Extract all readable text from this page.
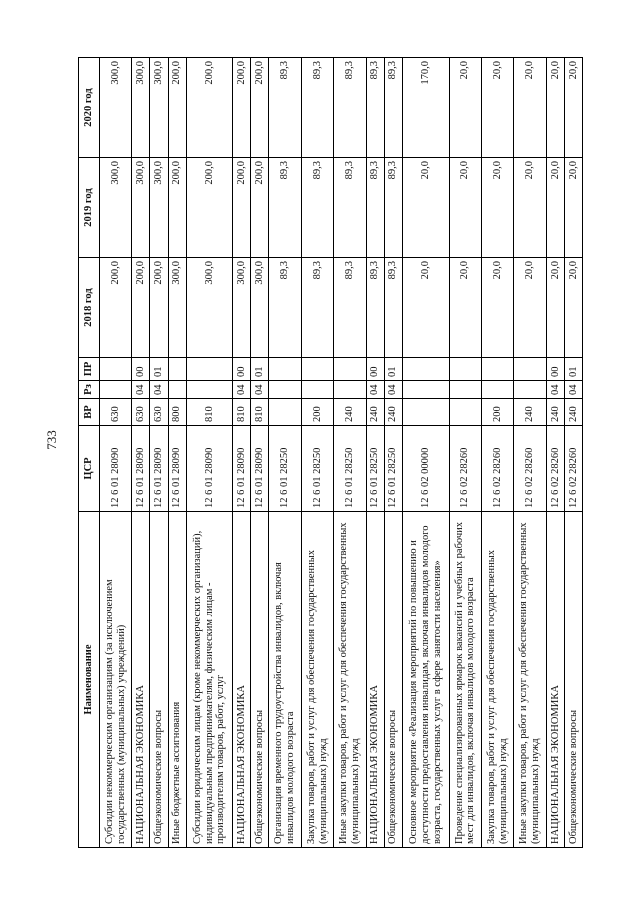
733
Наименование	ЦСР	ВР	Рз	ПР	2018 год	2019 год	2020 год
Субсидии некоммерческим организациям (за исключением государственных (муниципальных) учреждений)	12 6 01 28090	630			200,0	300,0	300,0
НАЦИОНАЛЬНАЯ ЭКОНОМИКА	12 6 01 28090	630	04	00	200,0	300,0	300,0
Общеэкономические вопросы	12 6 01 28090	630	04	01	200,0	300,0	300,0
Иные бюджетные ассигнования	12 6 01 28090	800			300,0	200,0	200,0
Субсидии юридическим лицам (кроме некоммерческих организаций), индивидуальным предпринимателям, физическим лицам - производителям товаров, работ, услуг	12 6 01 28090	810			300,0	200,0	200,0
НАЦИОНАЛЬНАЯ ЭКОНОМИКА	12 6 01 28090	810	04	00	300,0	200,0	200,0
Общеэкономические вопросы	12 6 01 28090	810	04	01	300,0	200,0	200,0
Организация временного трудоустройства инвалидов, включая инвалидов молодого возраста	12 6 01 28250				89,3	89,3	89,3
Закупка товаров, работ и услуг для обеспечения государственных (муниципальных) нужд	12 6 01 28250	200			89,3	89,3	89,3
Иные закупки товаров, работ и услуг для обеспечения государственных (муниципальных) нужд	12 6 01 28250	240			89,3	89,3	89,3
НАЦИОНАЛЬНАЯ ЭКОНОМИКА	12 6 01 28250	240	04	00	89,3	89,3	89,3
Общеэкономические вопросы	12 6 01 28250	240	04	01	89,3	89,3	89,3
Основное мероприятие «Реализация мероприятий по повышению и доступности предоставления инвалидам, включая инвалидов молодого возраста, государственных услуг в сфере занятости населения»	12 6 02 00000				20,0	20,0	170,0
Проведение специализированных ярмарок вакансий и учебных рабочих мест для инвалидов, включая инвалидов молодого возраста	12 6 02 28260				20,0	20,0	20,0
Закупка товаров, работ и услуг для обеспечения государственных (муниципальных) нужд	12 6 02 28260	200			20,0	20,0	20,0
Иные закупки товаров, работ и услуг для обеспечения государственных (муниципальных) нужд	12 6 02 28260	240			20,0	20,0	20,0
НАЦИОНАЛЬНАЯ ЭКОНОМИКА	12 6 02 28260	240	04	00	20,0	20,0	20,0
Общеэкономические вопросы	12 6 02 28260	240	04	01	20,0	20,0	20,0
